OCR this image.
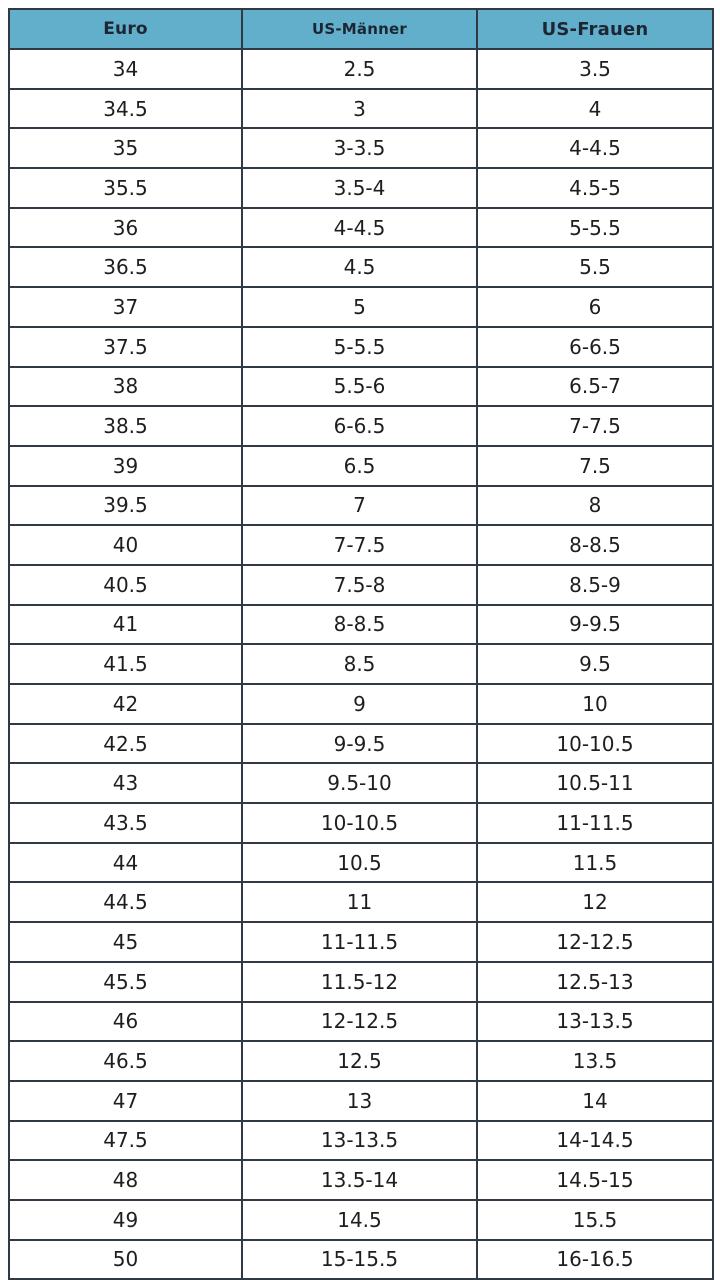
Euro	US-Männer	US-Frauen
34	2.5	3.5
34.5	3	4
35	3-3.5	4-4.5
35.5	3.5-4	4.5-5
36	4-4.5	5-5.5
36.5	4.5	5.5
37	5	6
37.5	5-5.5	6-6.5
38	5.5-6	6.5-7
38.5	6-6.5	7-7.5
39	6.5	7.5
39.5	7	8
40	7-7.5	8-8.5
40.5	7.5-8	8.5-9
41	8-8.5	9-9.5
41.5	8.5	9.5
42	9	10
42.5	9-9.5	10-10.5
43	9.5-10	10.5-11
43.5	10-10.5	11-11.5
44	10.5	11.5
44.5	11	12
45	11-11.5	12-12.5
45.5	11.5-12	12.5-13
46	12-12.5	13-13.5
46.5	12.5	13.5
47	13	14
47.5	13-13.5	14-14.5
48	13.5-14	14.5-15
49	14.5	15.5
50	15-15.5	16-16.5
